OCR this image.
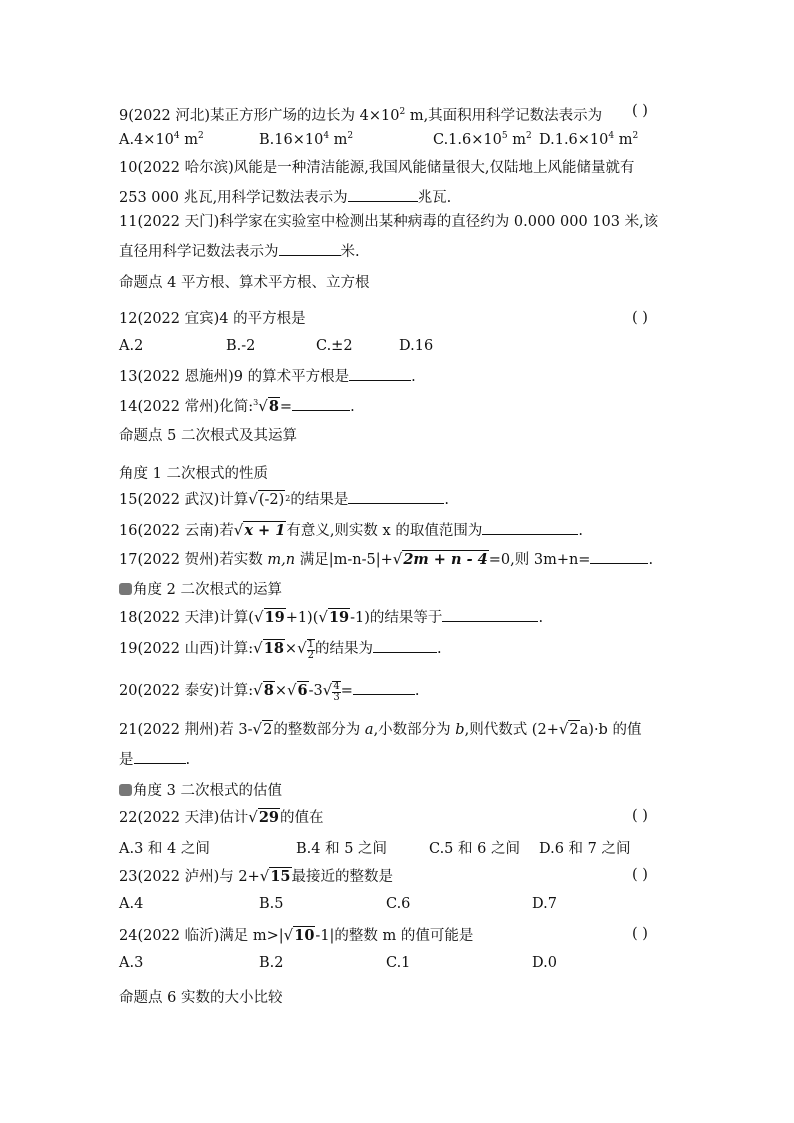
9(2022 河北)某正方形广场的边长为 $4\times 10^2$ m,其面积用科学记数法表示为 ( )
$A.4\times 10^4$ $m^2$	$B.16\times 10^4$ $m^2$	$C.1.6\times 10^5$ $m^2$ $D.1.6\times 10^4$ $m^2$
10(2022 哈尔滨)风能是一种清洁能源,我国风能储量很大,仅陆地上风能储量就有
253 000 兆瓦,用科学记数法表示为	兆瓦.
11(2022 天门)科学家在实验室中检测出某种病毒的直径约为 0.000 000 103 米,该
直径用科学记数法表示为	米.
命题点 4 平方根、算术平方根、立方根
12(2022 宜宾)4 的平方根是	( )
A.2	B.-2	C.±2	D.16
13(2022 恩施州)9 的算术平方根是	.
14(2022 常州)化简:$^3$ √ 8 =	.
命题点 5 二次根式及其运算
角度 1 二次根式的性质
15(2022 武汉)计算 √ (-2) 2 的结果是	.
16(2022 云南)若 √ x + 1 有意义,则实数 x 的取值范围为	.
17(2022 贺州)若实数 m,n 满足|m-n-5|+ √ 2m + n - 4 =0,则 3m+n=	.
角度 2 二次根式的运算
18(2022 天津)计算( √ 19 +1)( √ 19 -1)的结果等于	.
19(2022 山西)计算: √ 18 × √ $\frac{1}{2}$ 的结果为	.
20(2022 泰安)计算: √ 8 × √ 6 -3 √ $\frac{4}{3}$ =	.
21(2022 荆州)若 3- √ 2 的整数部分为 a,小数部分为 b,则代数式 (2+ √ 2 a)·b 的值
是	.
角度 3 二次根式的估值
22(2022 天津)估计 √ 29 的值在	( )
A.3 和 4 之间	B.4 和 5 之间	C.5 和 6 之间 D.6 和 7 之间
23(2022 泸州)与 2+ √ 15 最接近的整数是	( )
A.4	B.5	C.6	D.7
24(2022 临沂)满足 m>| √ 10 -1|的整数 m 的值可能是	( )
A.3	B.2	C.1	D.0
命题点 6 实数的大小比较
